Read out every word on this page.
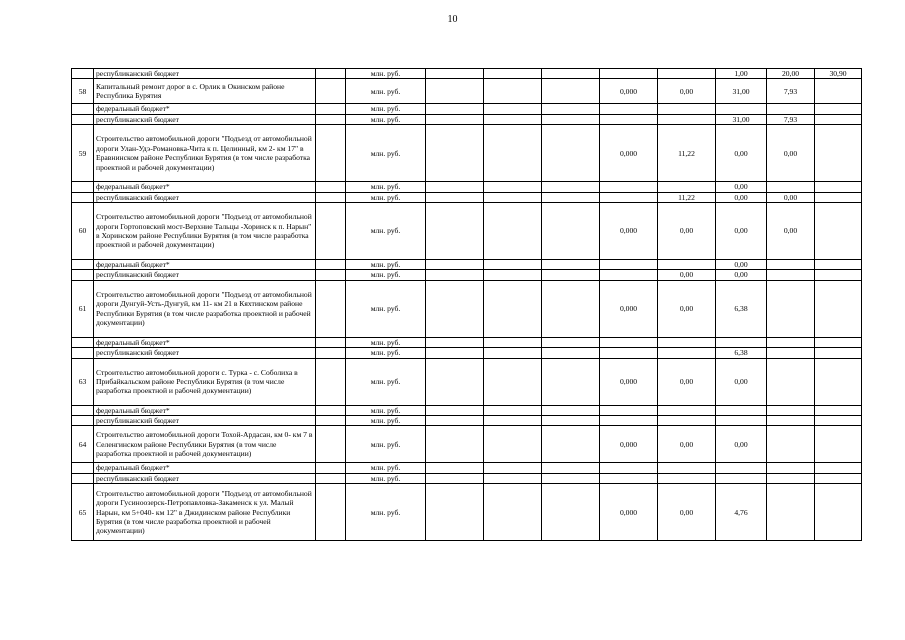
10
	республиканский бюджет		млн. руб.						1,00	20,00	30,90
58	Капитальный ремонт дорог в с. Орлик в Окинском районе Республика Бурятия		млн. руб.				0,000	0,00	31,00	7,93	
	федеральный бюджет*		млн. руб.								
	республиканский бюджет		млн. руб.						31,00	7,93	
59	Строительство автомобильной дороги "Подъезд от автомобильной дороги Улан-Удэ-Романовка-Чита к п. Целинный, км 2- км 17" в Еравнинском районе Республики Бурятия (в том числе разработка проектной и рабочей документации)		млн. руб.				0,000	11,22	0,00	0,00	
	федеральный бюджет*		млн. руб.						0,00		
	республиканский бюджет		млн. руб.					11,22	0,00	0,00	
60	Строительство автомобильной дороги "Подъезд от автомобильной дороги Гортоповский мост-Верхние Тальцы -Хоринск к п. Нарын" в Хоринском районе Республики Бурятия (в том числе разработка проектной и рабочей документации)		млн. руб.				0,000	0,00	0,00	0,00	
	федеральный бюджет*		млн. руб.						0,00		
	республиканский бюджет		млн. руб.					0,00	0,00		
61	Строительство автомобильной дороги "Подъезд от автомобильной дороги Дунгуй-Усть-Дунгуй, км 11- км 21 в Кяхтинском районе Республики Бурятия (в том числе разработка проектной и рабочей документации)		млн. руб.				0,000	0,00	6,38		
	федеральный бюджет*		млн. руб.								
	республиканский бюджет		млн. руб.						6,38		
63	Строительство автомобильной дороги с. Турка - с. Соболиха в Прибайкальском районе Республики Бурятия (в том числе разработка проектной и рабочей документации)		млн. руб.				0,000	0,00	0,00		
	федеральный бюджет*		млн. руб.								
	республиканский бюджет		млн. руб.								
64	Строительство автомобильной дороги Тохой-Ардасан, км 0- км 7 в Селенгинском районе Республики Бурятия (в том числе разработка проектной и рабочей документации)		млн. руб.				0,000	0,00	0,00		
	федеральный бюджет*		млн. руб.								
	республиканский бюджет		млн. руб.								
65	Строительство автомобильной дороги "Подъезд от автомобильной дороги Гусиноозерск-Петропавловка-Закаменск к ул. Малый Нарын, км 5+040- км 12" в Джидинском районе Республики Бурятия (в том числе разработка проектной и рабочей документации)		млн. руб.				0,000	0,00	4,76		
